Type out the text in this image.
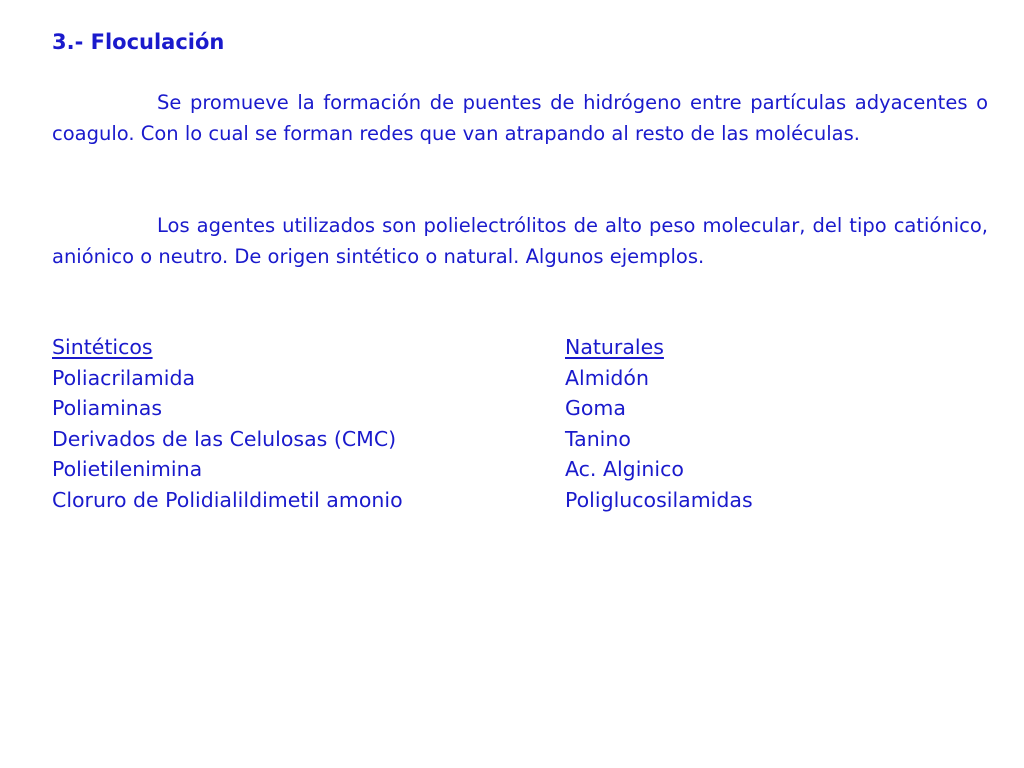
3.- Floculación

Se promueve la formación de puentes de hidrógeno entre partículas adyacentes o coagulo. Con lo cual se forman redes que van atrapando al resto de las moléculas.

Los agentes utilizados son polielectrólitos de alto peso molecular, del tipo catiónico, aniónico o neutro. De origen sintético o natural. Algunos ejemplos.

Sintéticos
Poliacrilamida
Poliaminas
Derivados de las Celulosas (CMC)
Polietilenimina
Cloruro de Polidialildimetil amonio
Naturales
Almidón
Goma
Tanino
Ac. Alginico
Poliglucosilamidas
